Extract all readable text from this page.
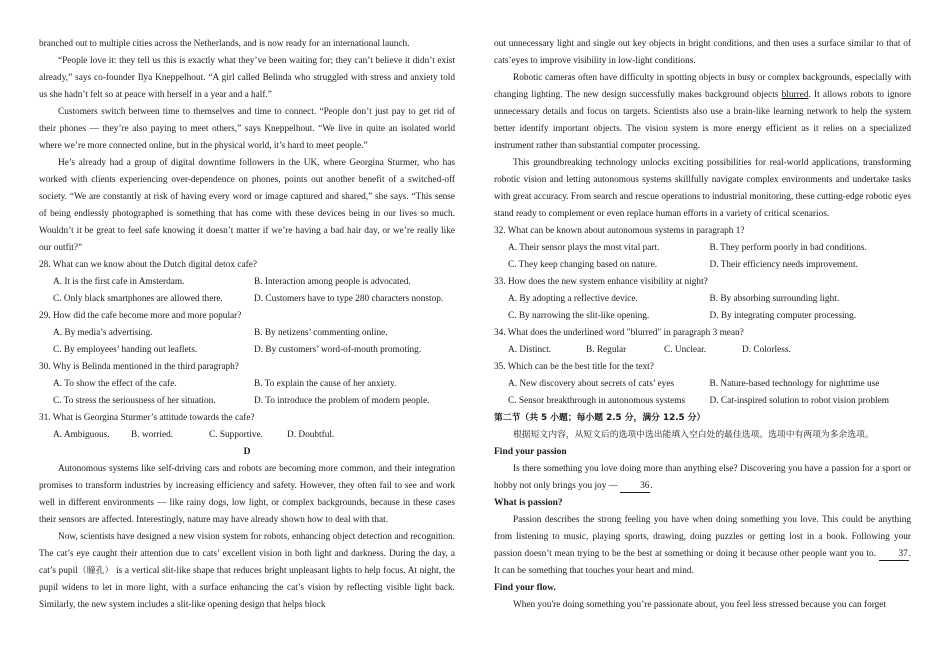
branched out to multiple cities across the Netherlands, and is now ready for an international launch.

“People love it: they tell us this is exactly what they’ve been waiting for; they can’t believe it didn’t exist already,” says co-founder Ilya Kneppelhout. “A girl called Belinda who struggled with stress and anxiety told us she hadn’t felt so at peace with herself in a year and a half.”

Customers switch between time to themselves and time to connect. “People don’t just pay to get rid of their phones — they’re also paying to meet others,” says Kneppelhout. “We live in quite an isolated world where we’re more connected online, but in the physical world, it’s hard to meet people.”

He’s already had a group of digital downtime followers in the UK, where Georgina Sturmer, who has worked with clients experiencing over-dependence on phones, points out another benefit of a switched-off society. “We are constantly at risk of having every word or image captured and shared,” she says. “This sense of being endlessly photographed is something that has come with these devices being in our lives so much. Wouldn’t it be great to feel safe knowing it doesn’t matter if we’re having a bad hair day, or we’re really like our outfit?”

28. What can we know about the Dutch digital detox cafe?

A. It is the first cafe in Amsterdam.	B. Interaction among people is advocated.
C. Only black smartphones are allowed there.	D. Customers have to type 280 characters nonstop.

29. How did the cafe become more and more popular?

A. By media’s advertising.	B. By netizens’ commenting online.
C. By employees’ handing out leaflets.	D. By customers’ word-of-mouth promoting.

30. Why is Belinda mentioned in the third paragraph?

A. To show the effect of the cafe.	B. To explain the cause of her anxiety.
C. To stress the seriousness of her situation.	D. To introduce the problem of modern people.

31. What is Georgina Sturmer’s attitude towards the cafe?

A. Ambiguous.	B. worried.	C. Supportive.	D. Doubtful.

D

Autonomous systems like self-driving cars and robots are becoming more common, and their integration promises to transform industries by increasing efficiency and safety. However, they often fail to see and work well in different environments — like rainy dogs, low light, or complex backgrounds, because in these cases their sensors are affected. Interestingly, nature may have already shown how to deal with that.

Now, scientists have designed a new vision system for robots, enhancing object detection and recognition. The cat’s eye caught their attention due to cats’ excellent vision in both light and darkness. During the day, a cat’s pupil（瞳孔） is a vertical slit-like shape that reduces bright unpleasant lights to help focus. At night, the pupil widens to let in more light, with a surface enhancing the cat’s vision by reflecting visible light back. Similarly, the new system includes a slit-like opening design that helps block

out unnecessary light and single out key objects in bright conditions, and then uses a surface similar to that of cats’eyes to improve visibility in low-light conditions.

Robotic cameras often have difficulty in spotting objects in busy or complex backgrounds, especially with changing lighting. The new design successfully makes background objects blurred. It allows robots to ignore unnecessary details and focus on targets. Scientists also use a brain-like learning network to help the system better identify important objects. The vision system is more energy efficient as it relies on a specialized instrument rather than substantial computer processing.

This groundbreaking technology unlocks exciting possibilities for real-world applications, transforming robotic vision and letting autonomous systems skillfully navigate complex environments and undertake tasks with great accuracy. From search and rescue operations to industrial monitoring, these cutting-edge robotic eyes stand ready to complement or even replace human efforts in a variety of critical scenarios.

32. What can be known about autonomous systems in paragraph 1?

A. Their sensor plays the most vital part.	B. They perform poorly in bad conditions.
C. They keep changing based on nature.	D. Their efficiency needs improvement.

33. How does the new system enhance visibility at night?

A. By adopting a reflective device.	B. By absorbing surrounding light.
C. By narrowing the slit-like opening.	D. By integrating computer processing.

34. What does the underlined word "blurred" in paragraph 3 mean?

A. Distinct.	B. Regular	C. Unclear.	D. Colorless.

35. Which can be the best title for the text?

A. New discovery about secrets of cats’ eyes	B. Nature-based technology for nighttime use
C. Sensor breakthrough in autonomous systems	D. Cat-inspired solution to robot vision problem

第二节（共 5 小题；每小题 2.5 分，满分 12.5 分）

根据短文内容，从短文后的选项中选出能填入空白处的最佳选项。选项中有两项为多余选项。

Find your passion

Is there something you love doing more than anything else? Discovering you have a passion for a sport or hobby not only brings you joy — 36.

What is passion?

Passion describes the strong feeling you have when doing something you love. This could be anything from listening to music, playing sports, drawing, doing puzzles or getting lost in a book. Following your passion doesn’t mean trying to be the best at something or doing it because other people want you to. 37. It can be something that touches your heart and mind.

Find your flow.

When you're doing something you’re passionate about, you feel less stressed because you can forget
